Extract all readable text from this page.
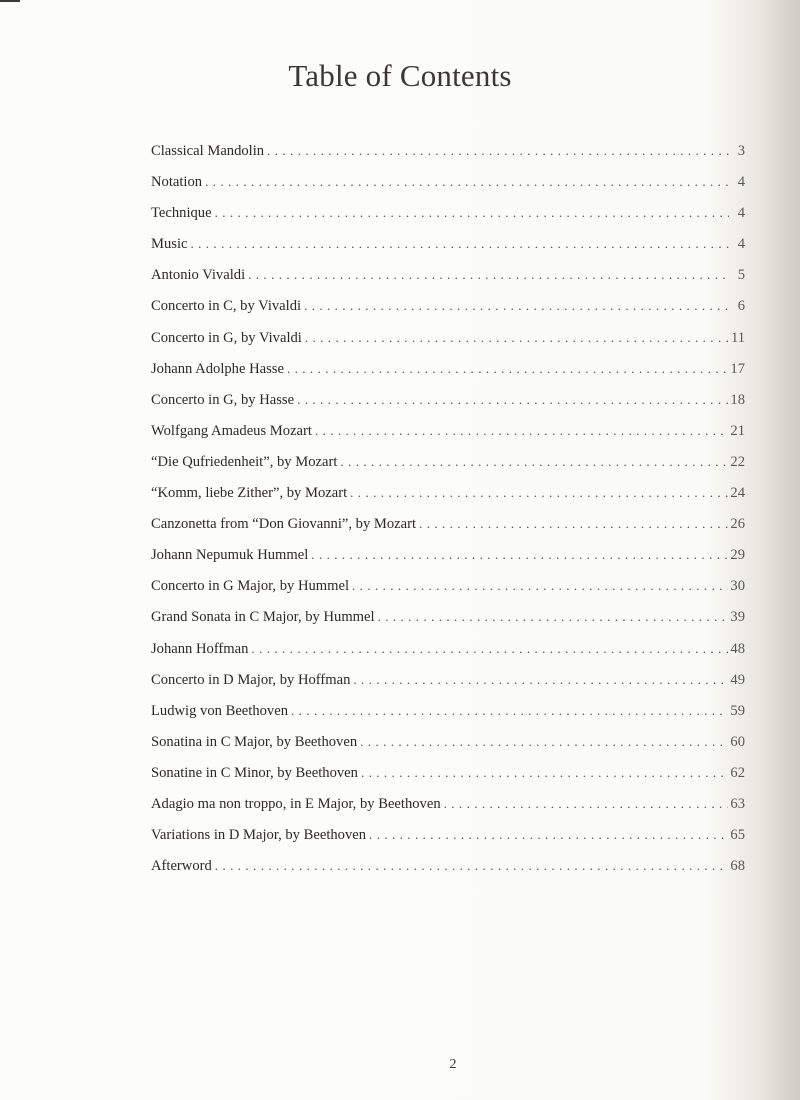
Table of Contents
Classical Mandolin .....	3
Notation .....	4
Technique .....	4
Music .....	4
Antonio Vivaldi .....	5
Concerto in C, by Vivaldi .....	6
Concerto in G, by Vivaldi .....	11
Johann Adolphe Hasse .....	17
Concerto in G, by Hasse .....	18
Wolfgang Amadeus Mozart .....	21
“Die Qufriedenheit”, by Mozart .....	22
“Komm, liebe Zither”, by Mozart .....	24
Canzonetta from “Don Giovanni”, by Mozart .....	26
Johann Nepumuk Hummel .....	29
Concerto in G Major, by Hummel .....	30
Grand Sonata in C Major, by Hummel .....	39
Johann Hoffman .....	48
Concerto in D Major, by Hoffman .....	49
Ludwig von Beethoven .....	59
Sonatina in C Major, by Beethoven .....	60
Sonatine in C Minor, by Beethoven .....	62
Adagio ma non troppo, in E Major, by Beethoven .....	63
Variations in D Major, by Beethoven .....	65
Afterword .....	68
2
